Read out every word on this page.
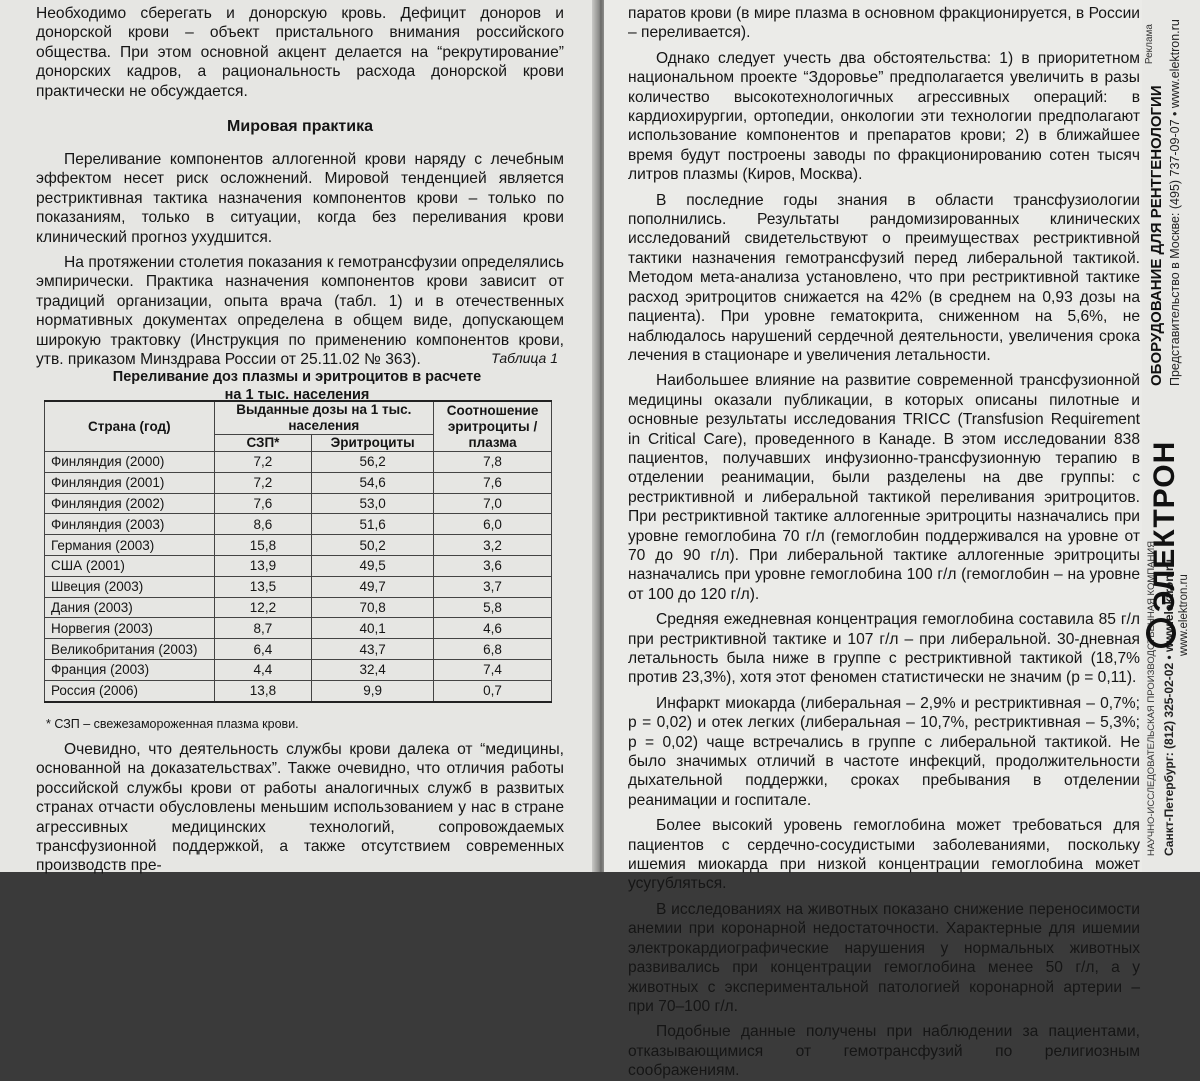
Необходимо сберегать и донорскую кровь. Дефицит доноров и донорской крови – объект пристального внимания российского общества. При этом основной акцент делается на “рекрутирование” донорских кадров, а рациональность расхода донорской крови практически не обсуждается.

Мировая практика

Переливание компонентов аллогенной крови наряду с лечебным эффектом несет риск осложнений. Мировой тенденцией является рестриктивная тактика назначения компонентов крови – только по показаниям, только в ситуации, когда без переливания крови клинический прогноз ухудшится.

На протяжении столетия показания к гемотрансфузии определялись эмпирически. Практика назначения компонентов крови зависит от традиций организации, опыта врача (табл. 1) и в отечественных нормативных документах определена в общем виде, допускающем широкую трактовку (Инструкция по применению компонентов крови, утв. приказом Минздрава России от 25.11.02 № 363).	Таблица 1
Переливание доз плазмы и эритроцитов в расчете
на 1 тыс. населения
Страна (год)	Выданные дозы на 1 тыс. населения		Соотношение эритроциты / плазма
	СЗП*	Эритроциты	
Финляндия (2000)	7,2	56,2	7,8
Финляндия (2001)	7,2	54,6	7,6
Финляндия (2002)	7,6	53,0	7,0
Финляндия (2003)	8,6	51,6	6,0
Германия (2003)	15,8	50,2	3,2
США (2001)	13,9	49,5	3,6
Швеция (2003)	13,5	49,7	3,7
Дания (2003)	12,2	70,8	5,8
Норвегия (2003)	8,7	40,1	4,6
Великобритания (2003)	6,4	43,7	6,8
Франция (2003)	4,4	32,4	7,4
Россия (2006)	13,8	9,9	0,7
* СЗП – свежезамороженная плазма крови.

Очевидно, что деятельность службы крови далека от “медицины, основанной на доказательствах”. Также очевидно, что отличия работы российской службы крови от работы аналогичных служб в развитых странах отчасти обусловлены меньшим использованием у нас в стране агрессивных медицинских технологий, сопровождаемых трансфузионной поддержкой, а также отсутствием современных производств пре-

паратов крови (в мире плазма в основном фракционируется, в России – переливается).

Однако следует учесть два обстоятельства: 1) в приоритетном национальном проекте “Здоровье” предполагается увеличить в разы количество высокотехнологичных агрессивных операций: в кардиохирургии, ортопедии, онкологии эти технологии предполагают использование компонентов и препаратов крови; 2) в ближайшее время будут построены заводы по фракционированию сотен тысяч литров плазмы (Киров, Москва).

В последние годы знания в области трансфузиологии пополнились. Результаты рандомизированных клинических исследований свидетельствуют о преимуществах рестриктивной тактики назначения гемотрансфузий перед либеральной тактикой. Методом мета-анализа установлено, что при рестриктивной тактике расход эритроцитов снижается на 42% (в среднем на 0,93 дозы на пациента). При уровне гематокрита, сниженном на 5,6%, не наблюдалось нарушений сердечной деятельности, увеличения срока лечения в стационаре и увеличения летальности.

Наибольшее влияние на развитие современной трансфузионной медицины оказали публикации, в которых описаны пилотные и основные результаты исследования TRICC (Transfusion Requirement in Critical Care), проведенного в Канаде. В этом исследовании 838 пациентов, получавших инфузионно-трансфузионную терапию в отделении реанимации, были разделены на две группы: с рестриктивной и либеральной тактикой переливания эритроцитов. При рестриктивной тактике аллогенные эритроциты назначались при уровне гемоглобина 70 г/л (гемоглобин поддерживался на уровне от 70 до 90 г/л). При либеральной тактике аллогенные эритроциты назначались при уровне гемоглобина 100 г/л (гемоглобин – на уровне от 100 до 120 г/л).

Средняя ежедневная концентрация гемоглобина составила 85 г/л при рестриктивной тактике и 107 г/л – при либеральной. 30-дневная летальность была ниже в группе с рестриктивной тактикой (18,7% против 23,3%), хотя этот феномен статистически не значим (p = 0,11).

Инфаркт миокарда (либеральная – 2,9% и рестриктивная – 0,7%; p = 0,02) и отек легких (либеральная – 10,7%, рестриктивная – 5,3%; p = 0,02) чаще встречались в группе с либеральной тактикой. Не было значимых отличий в частоте инфекций, продолжительности дыхательной поддержки, сроках пребывания в отделении реанимации и госпитале.

Более высокий уровень гемоглобина может требоваться для пациентов с сердечно-сосудистыми заболеваниями, поскольку ишемия миокарда при низкой концентрации гемоглобина может усугубляться.

В исследованиях на животных показано снижение переносимости анемии при коронарной недостаточности. Характерные для ишемии электрокардиографические нарушения у нормальных животных развивались при концентрации гемоглобина менее 50 г/л, а у животных с экспериментальной патологией коронарной артерии – при 70–100 г/л.

Подобные данные получены при наблюдении за пациентами, отказывающимися от гемотрансфузий по религиозным соображениям.

Реклама
НАУЧНО-ИССЛЕДОВАТЕЛЬСКАЯ ПРОИЗВОДСТВЕННАЯ КОМПАНИЯ Санкт-Петербург: (812) 325-02-02 • www.elektron.ru
ЭЛЕКТРОН
ОБОРУДОВАНИЕ ДЛЯ РЕНТГЕНОЛОГИИ Представительство в Москве: (495) 737-09-07 • www.elektron.ru
www.elektron.ru
